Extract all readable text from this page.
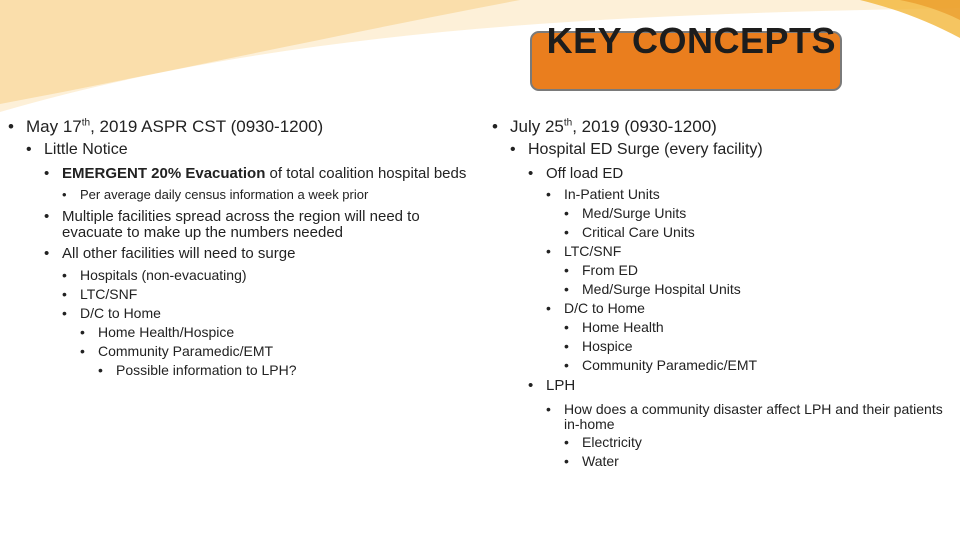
KEY CONCEPTS
• May 17th, 2019 ASPR CST (0930-1200)
• Little Notice
• EMERGENT 20% Evacuation of total coalition hospital beds
• Per average daily census information a week prior
• Multiple facilities spread across the region will need to evacuate to make up the numbers needed
• All other facilities will need to surge
• Hospitals (non-evacuating)
• LTC/SNF
• D/C to Home
• Home Health/Hospice
• Community Paramedic/EMT
• Possible information to LPH?
• July 25th, 2019 (0930-1200)
• Hospital ED Surge (every facility)
• Off load ED
• In-Patient Units
• Med/Surge Units
• Critical Care Units
• LTC/SNF
• From ED
• Med/Surge Hospital Units
• D/C to Home
• Home Health
• Hospice
• Community Paramedic/EMT
• LPH
• How does a community disaster affect LPH and their patients in-home
• Electricity
• Water
